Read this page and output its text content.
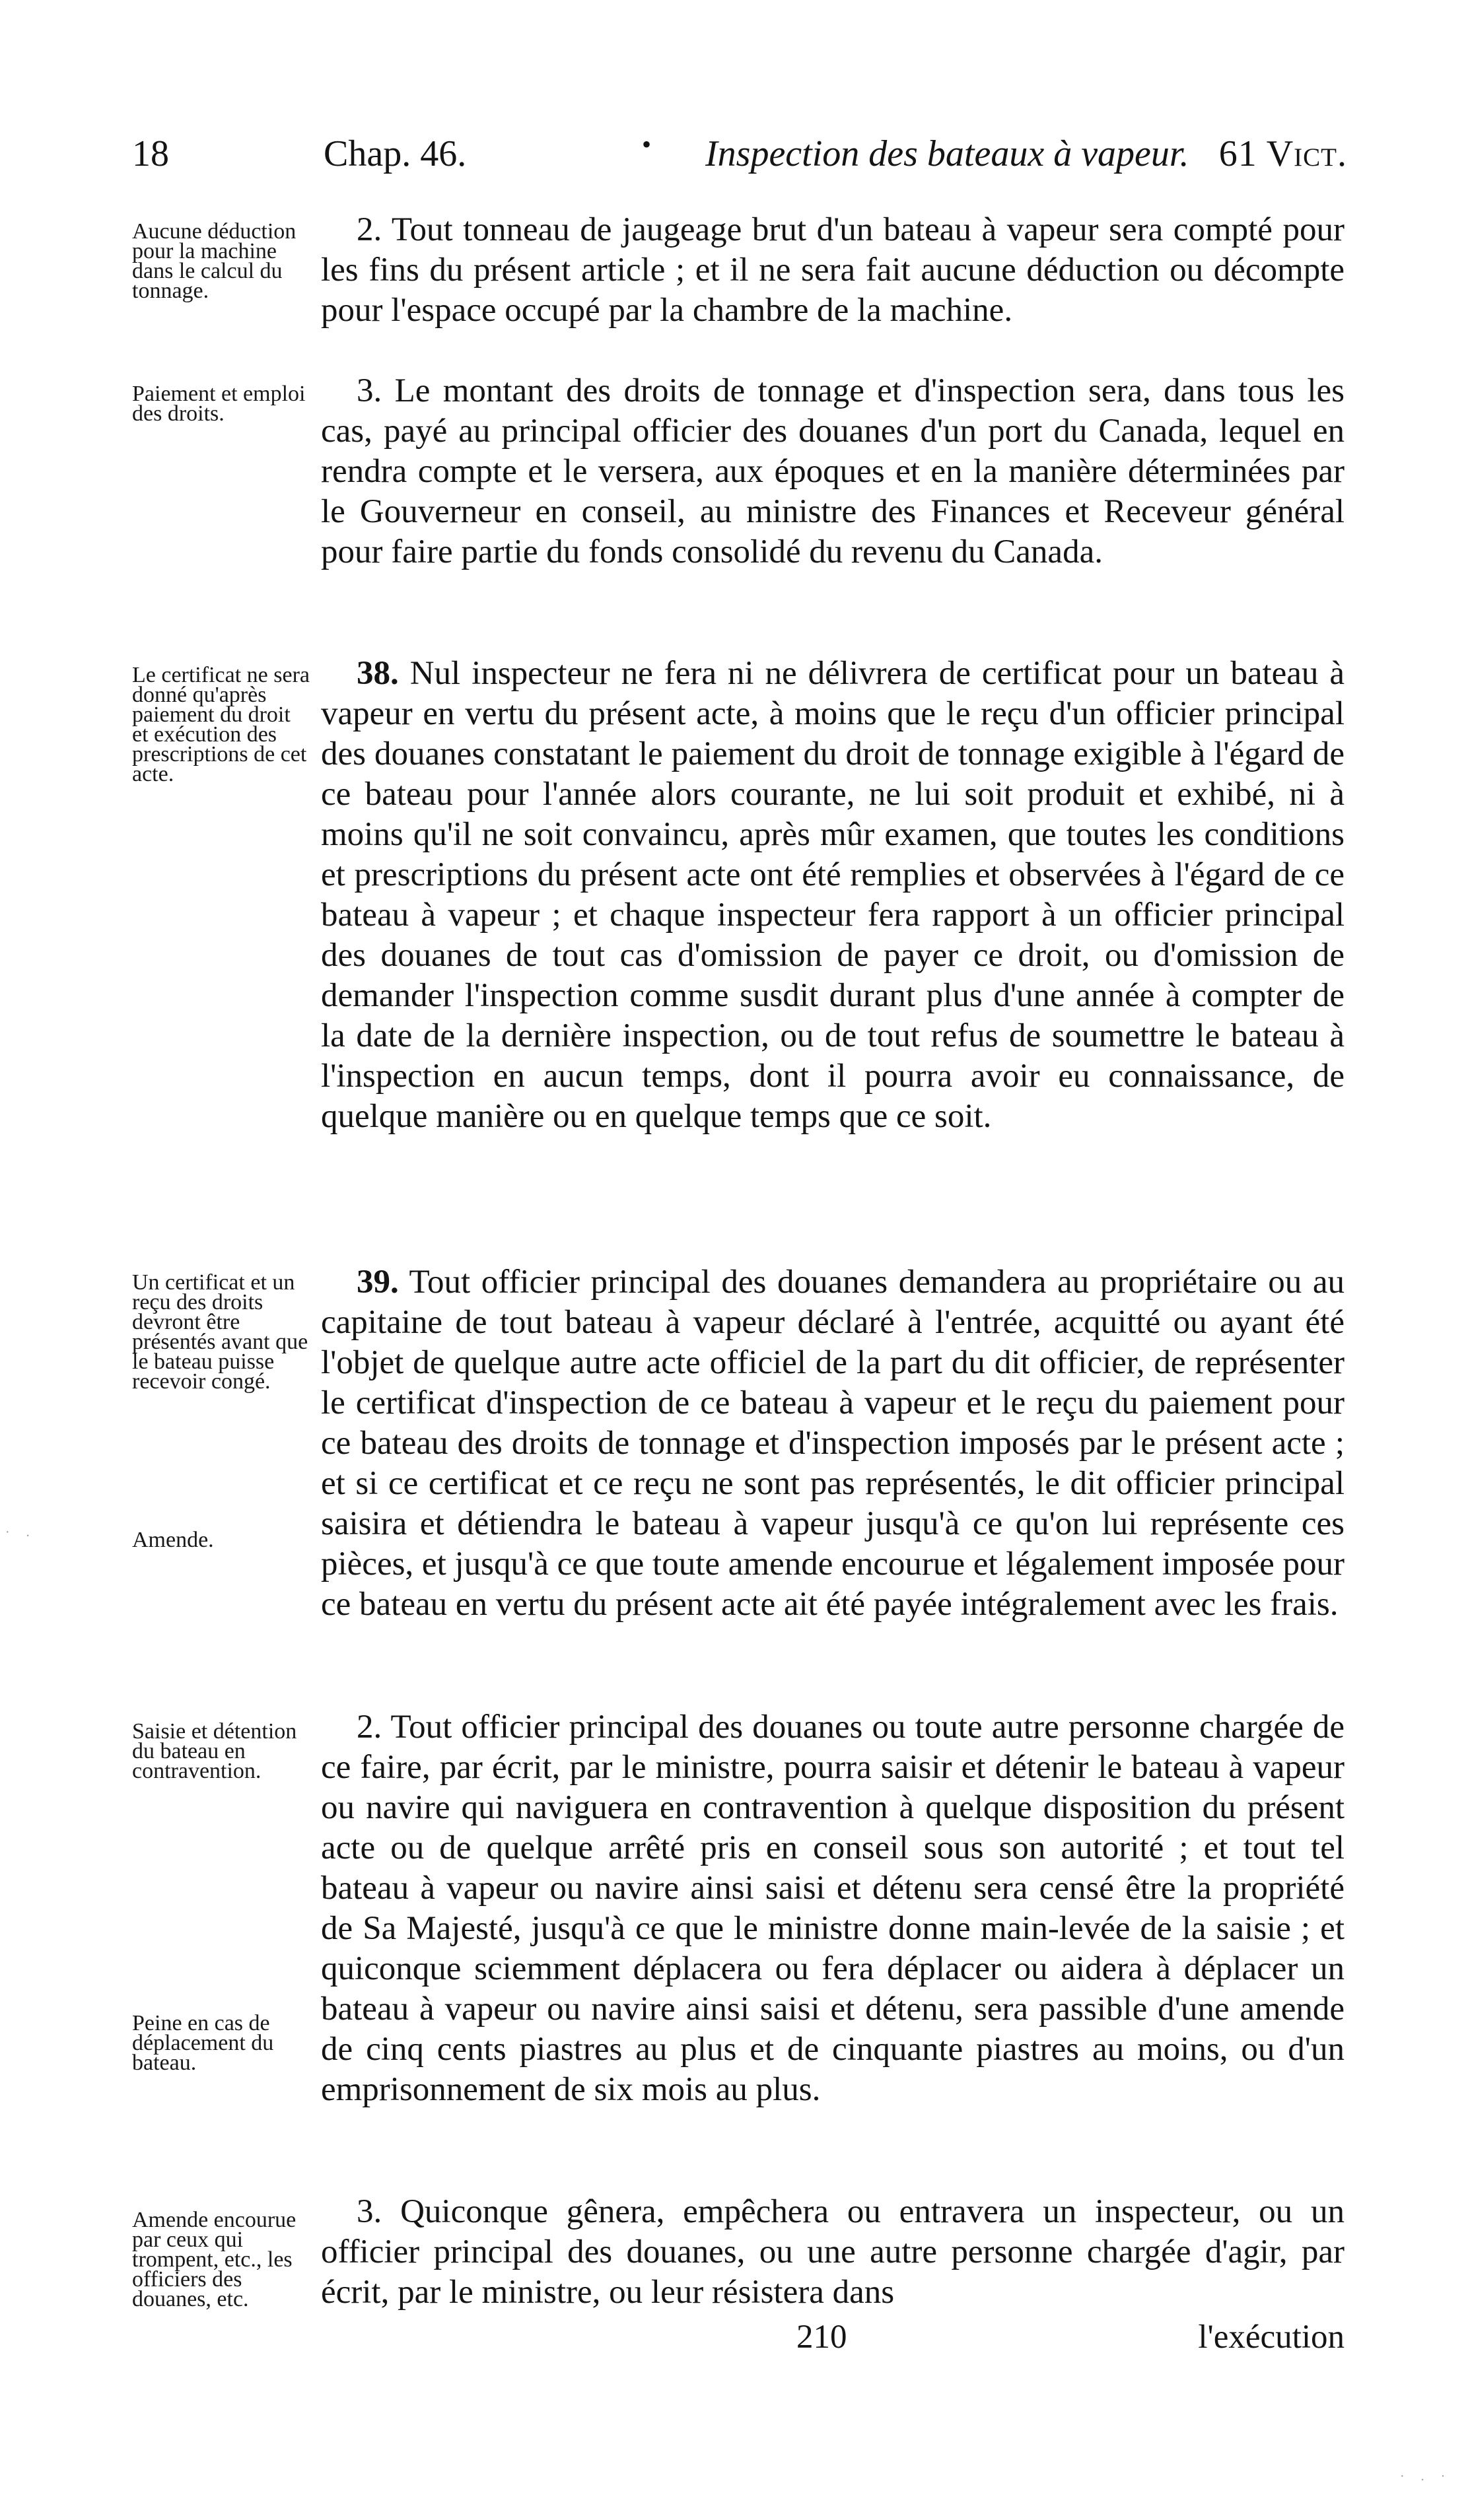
18	Chap. 46.	• Inspection des bateaux à vapeur. 61 Vict.
Aucune déduction pour la machine dans le calcul du tonnage.
Paiement et emploi des droits.
Le certificat ne sera donné qu'après paiement du droit et exécution des prescriptions de cet acte.
Un certificat et un reçu des droits devront être présentés avant que le bateau puisse recevoir congé.
Amende.
Saisie et détention du bateau en contravention.
Peine en cas de déplacement du bateau.
Amende encourue par ceux qui trompent, etc., les officiers des douanes, etc.

2. Tout tonneau de jaugeage brut d'un bateau à vapeur sera compté pour les fins du présent article ; et il ne sera fait aucune déduction ou décompte pour l'espace occupé par la chambre de la machine.

3. Le montant des droits de tonnage et d'inspection sera, dans tous les cas, payé au principal officier des douanes d'un port du Canada, lequel en rendra compte et le versera, aux époques et en la manière déterminées par le Gouverneur en conseil, au ministre des Finances et Receveur général pour faire partie du fonds consolidé du revenu du Canada.

38. Nul inspecteur ne fera ni ne délivrera de certificat pour un bateau à vapeur en vertu du présent acte, à moins que le reçu d'un officier principal des douanes constatant le paiement du droit de tonnage exigible à l'égard de ce bateau pour l'année alors courante, ne lui soit produit et exhibé, ni à moins qu'il ne soit convaincu, après mûr examen, que toutes les conditions et prescriptions du présent acte ont été remplies et observées à l'égard de ce bateau à vapeur ; et chaque inspecteur fera rapport à un officier principal des douanes de tout cas d'omission de payer ce droit, ou d'omission de demander l'inspection comme susdit durant plus d'une année à compter de la date de la dernière inspection, ou de tout refus de soumettre le bateau à l'inspection en aucun temps, dont il pourra avoir eu connaissance, de quelque manière ou en quelque temps que ce soit.

39. Tout officier principal des douanes demandera au propriétaire ou au capitaine de tout bateau à vapeur déclaré à l'entrée, acquitté ou ayant été l'objet de quelque autre acte officiel de la part du dit officier, de représenter le certificat d'inspection de ce bateau à vapeur et le reçu du paiement pour ce bateau des droits de tonnage et d'inspection imposés par le présent acte ; et si ce certificat et ce reçu ne sont pas représentés, le dit officier principal saisira et détiendra le bateau à vapeur jusqu'à ce qu'on lui représente ces pièces, et jusqu'à ce que toute amende encourue et légalement imposée pour ce bateau en vertu du présent acte ait été payée intégralement avec les frais.

2. Tout officier principal des douanes ou toute autre personne chargée de ce faire, par écrit, par le ministre, pourra saisir et détenir le bateau à vapeur ou navire qui naviguera en contravention à quelque disposition du présent acte ou de quelque arrêté pris en conseil sous son autorité ; et tout tel bateau à vapeur ou navire ainsi saisi et détenu sera censé être la propriété de Sa Majesté, jusqu'à ce que le ministre donne main-levée de la saisie ; et quiconque sciemment déplacera ou fera déplacer ou aidera à déplacer un bateau à vapeur ou navire ainsi saisi et détenu, sera passible d'une amende de cinq cents piastres au plus et de cinquante piastres au moins, ou d'un emprisonnement de six mois au plus.

3. Quiconque gênera, empêchera ou entravera un inspecteur, ou un officier principal des douanes, ou une autre personne chargée d'agir, par écrit, par le ministre, ou leur résistera dans

210	l'exécution
· . ·
· .
